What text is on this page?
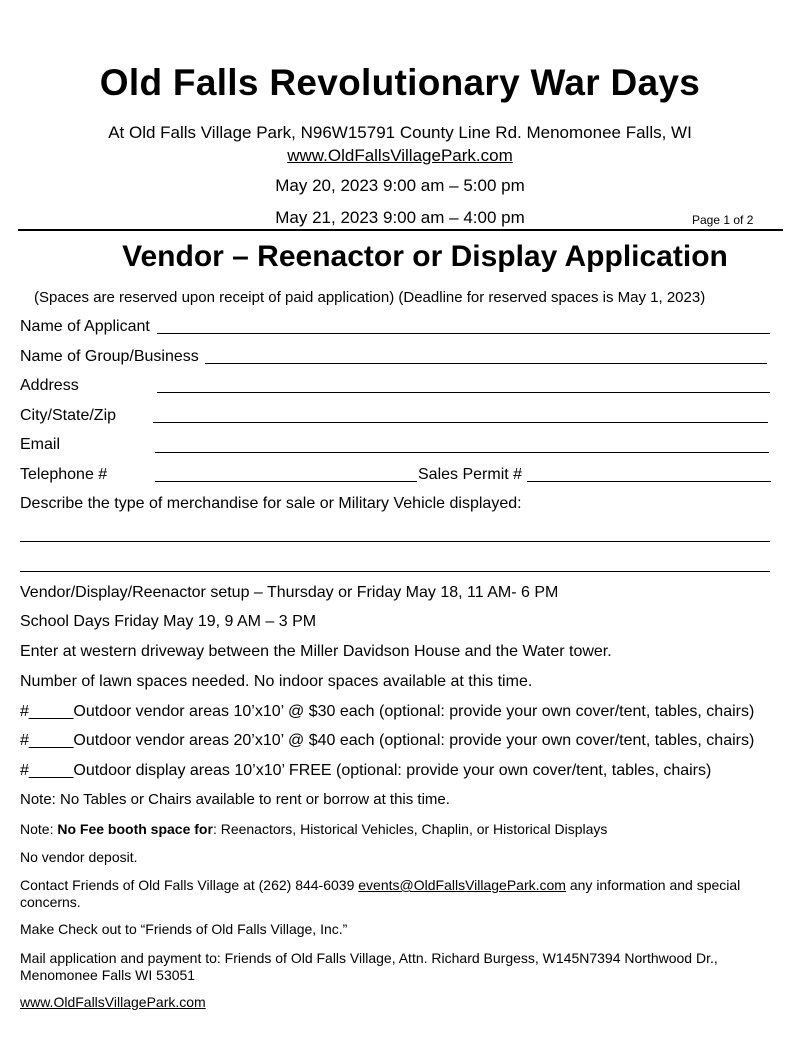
Old Falls Revolutionary War Days
At Old Falls Village Park, N96W15791 County Line Rd. Menomonee Falls, WI
www.OldFallsVillagePark.com
May 20, 2023 9:00 am – 5:00 pm
May 21, 2023 9:00 am – 4:00 pm	Page 1 of 2
Vendor – Reenactor or Display Application
(Spaces are reserved upon receipt of paid application) (Deadline for reserved spaces is May 1, 2023)
Name of Applicant
Name of Group/Business
Address
City/State/Zip
Email
Telephone #	Sales Permit #
Describe the type of merchandise for sale or Military Vehicle displayed:
Vendor/Display/Reenactor setup – Thursday or Friday May 18, 11 AM- 6 PM
School Days Friday May 19, 9 AM – 3 PM
Enter at western driveway between the Miller Davidson House and the Water tower.
Number of lawn spaces needed. No indoor spaces available at this time.
#_____Outdoor vendor areas 10’x10’ @ $30 each (optional: provide your own cover/tent, tables, chairs)
#_____Outdoor vendor areas 20’x10’ @ $40 each (optional: provide your own cover/tent, tables, chairs)
#_____Outdoor display areas 10’x10’ FREE (optional: provide your own cover/tent, tables, chairs)
Note: No Tables or Chairs available to rent or borrow at this time.
Note: No Fee booth space for: Reenactors, Historical Vehicles, Chaplin, or Historical Displays
No vendor deposit.
Contact Friends of Old Falls Village at (262) 844-6039 events@OldFallsVillagePark.com any information and special concerns.
Make Check out to “Friends of Old Falls Village, Inc.”
Mail application and payment to: Friends of Old Falls Village, Attn. Richard Burgess, W145N7394 Northwood Dr., Menomonee Falls WI 53051
www.OldFallsVillagePark.com
